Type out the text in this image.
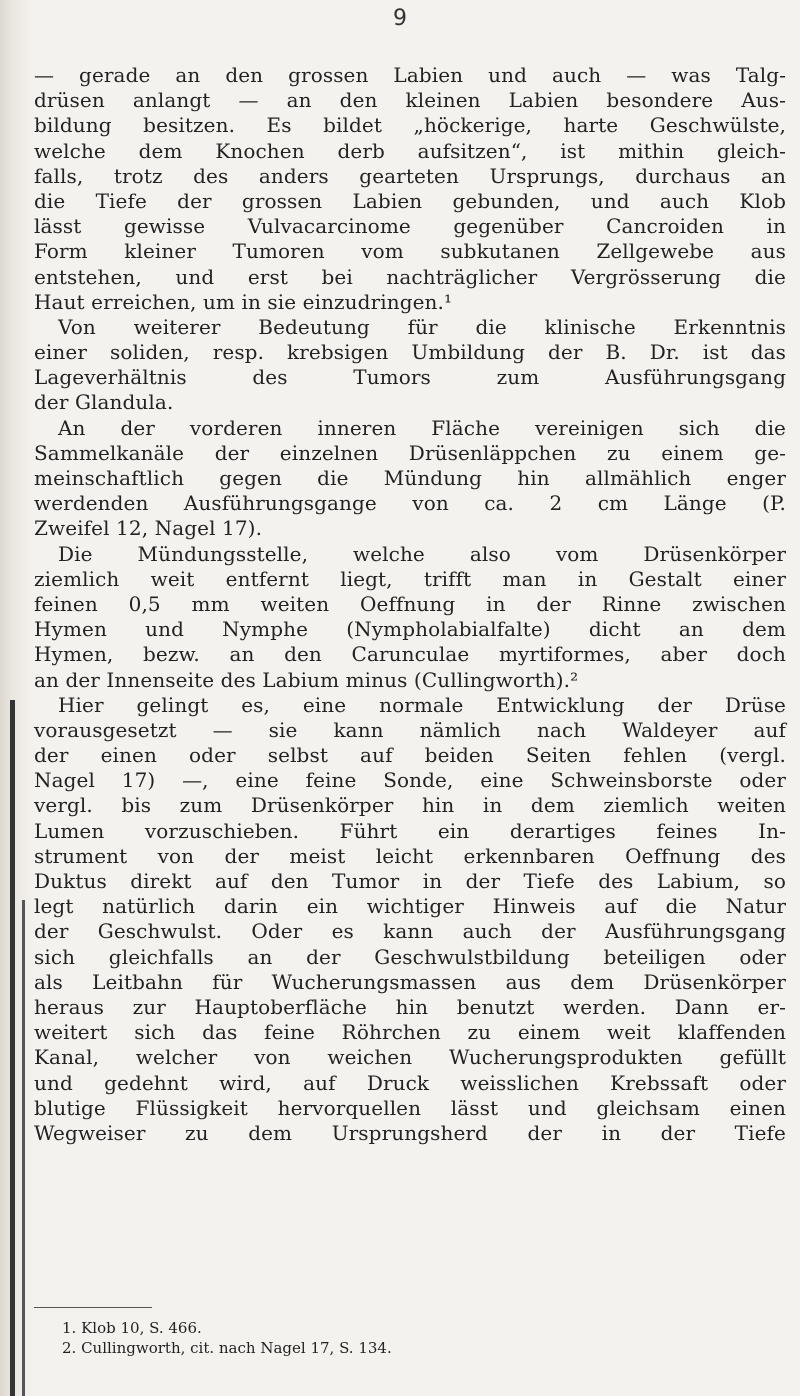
9
— gerade an den grossen Labien und auch — was Talg-
drüsen anlangt — an den kleinen Labien besondere Aus-
bildung besitzen. Es bildet „höckerige, harte Geschwülste,
welche dem Knochen derb aufsitzen“, ist mithin gleich-
falls, trotz des anders gearteten Ursprungs, durchaus an
die Tiefe der grossen Labien gebunden, und auch Klob
lässt gewisse Vulvacarcinome gegenüber Cancroiden in
Form kleiner Tumoren vom subkutanen Zellgewebe aus
entstehen, und erst bei nachträglicher Vergrösserung die
Haut erreichen, um in sie einzudringen.¹
Von weiterer Bedeutung für die klinische Erkenntnis
einer soliden, resp. krebsigen Umbildung der B. Dr. ist das
Lageverhältnis des Tumors zum Ausführungsgang
der Glandula.
An der vorderen inneren Fläche vereinigen sich die
Sammelkanäle der einzelnen Drüsenläppchen zu einem ge-
meinschaftlich gegen die Mündung hin allmählich enger
werdenden Ausführungsgange von ca. 2 cm Länge (P.
Zweifel 12, Nagel 17).
Die Mündungsstelle, welche also vom Drüsenkörper
ziemlich weit entfernt liegt, trifft man in Gestalt einer
feinen 0,5 mm weiten Oeffnung in der Rinne zwischen
Hymen und Nymphe (Nympholabialfalte) dicht an dem
Hymen, bezw. an den Carunculae myrtiformes, aber doch
an der Innenseite des Labium minus (Cullingworth).²
Hier gelingt es, eine normale Entwicklung der Drüse
vorausgesetzt — sie kann nämlich nach Waldeyer auf
der einen oder selbst auf beiden Seiten fehlen (vergl.
Nagel 17) —, eine feine Sonde, eine Schweinsborste oder
vergl. bis zum Drüsenkörper hin in dem ziemlich weiten
Lumen vorzuschieben. Führt ein derartiges feines In-
strument von der meist leicht erkennbaren Oeffnung des
Duktus direkt auf den Tumor in der Tiefe des Labium, so
legt natürlich darin ein wichtiger Hinweis auf die Natur
der Geschwulst. Oder es kann auch der Ausführungsgang
sich gleichfalls an der Geschwulstbildung beteiligen oder
als Leitbahn für Wucherungsmassen aus dem Drüsenkörper
heraus zur Hauptoberfläche hin benutzt werden. Dann er-
weitert sich das feine Röhrchen zu einem weit klaffenden
Kanal, welcher von weichen Wucherungsprodukten gefüllt
und gedehnt wird, auf Druck weisslichen Krebssaft oder
blutige Flüssigkeit hervorquellen lässt und gleichsam einen
Wegweiser zu dem Ursprungsherd der in der Tiefe
1. Klob 10, S. 466.
2. Cullingworth, cit. nach Nagel 17, S. 134.
